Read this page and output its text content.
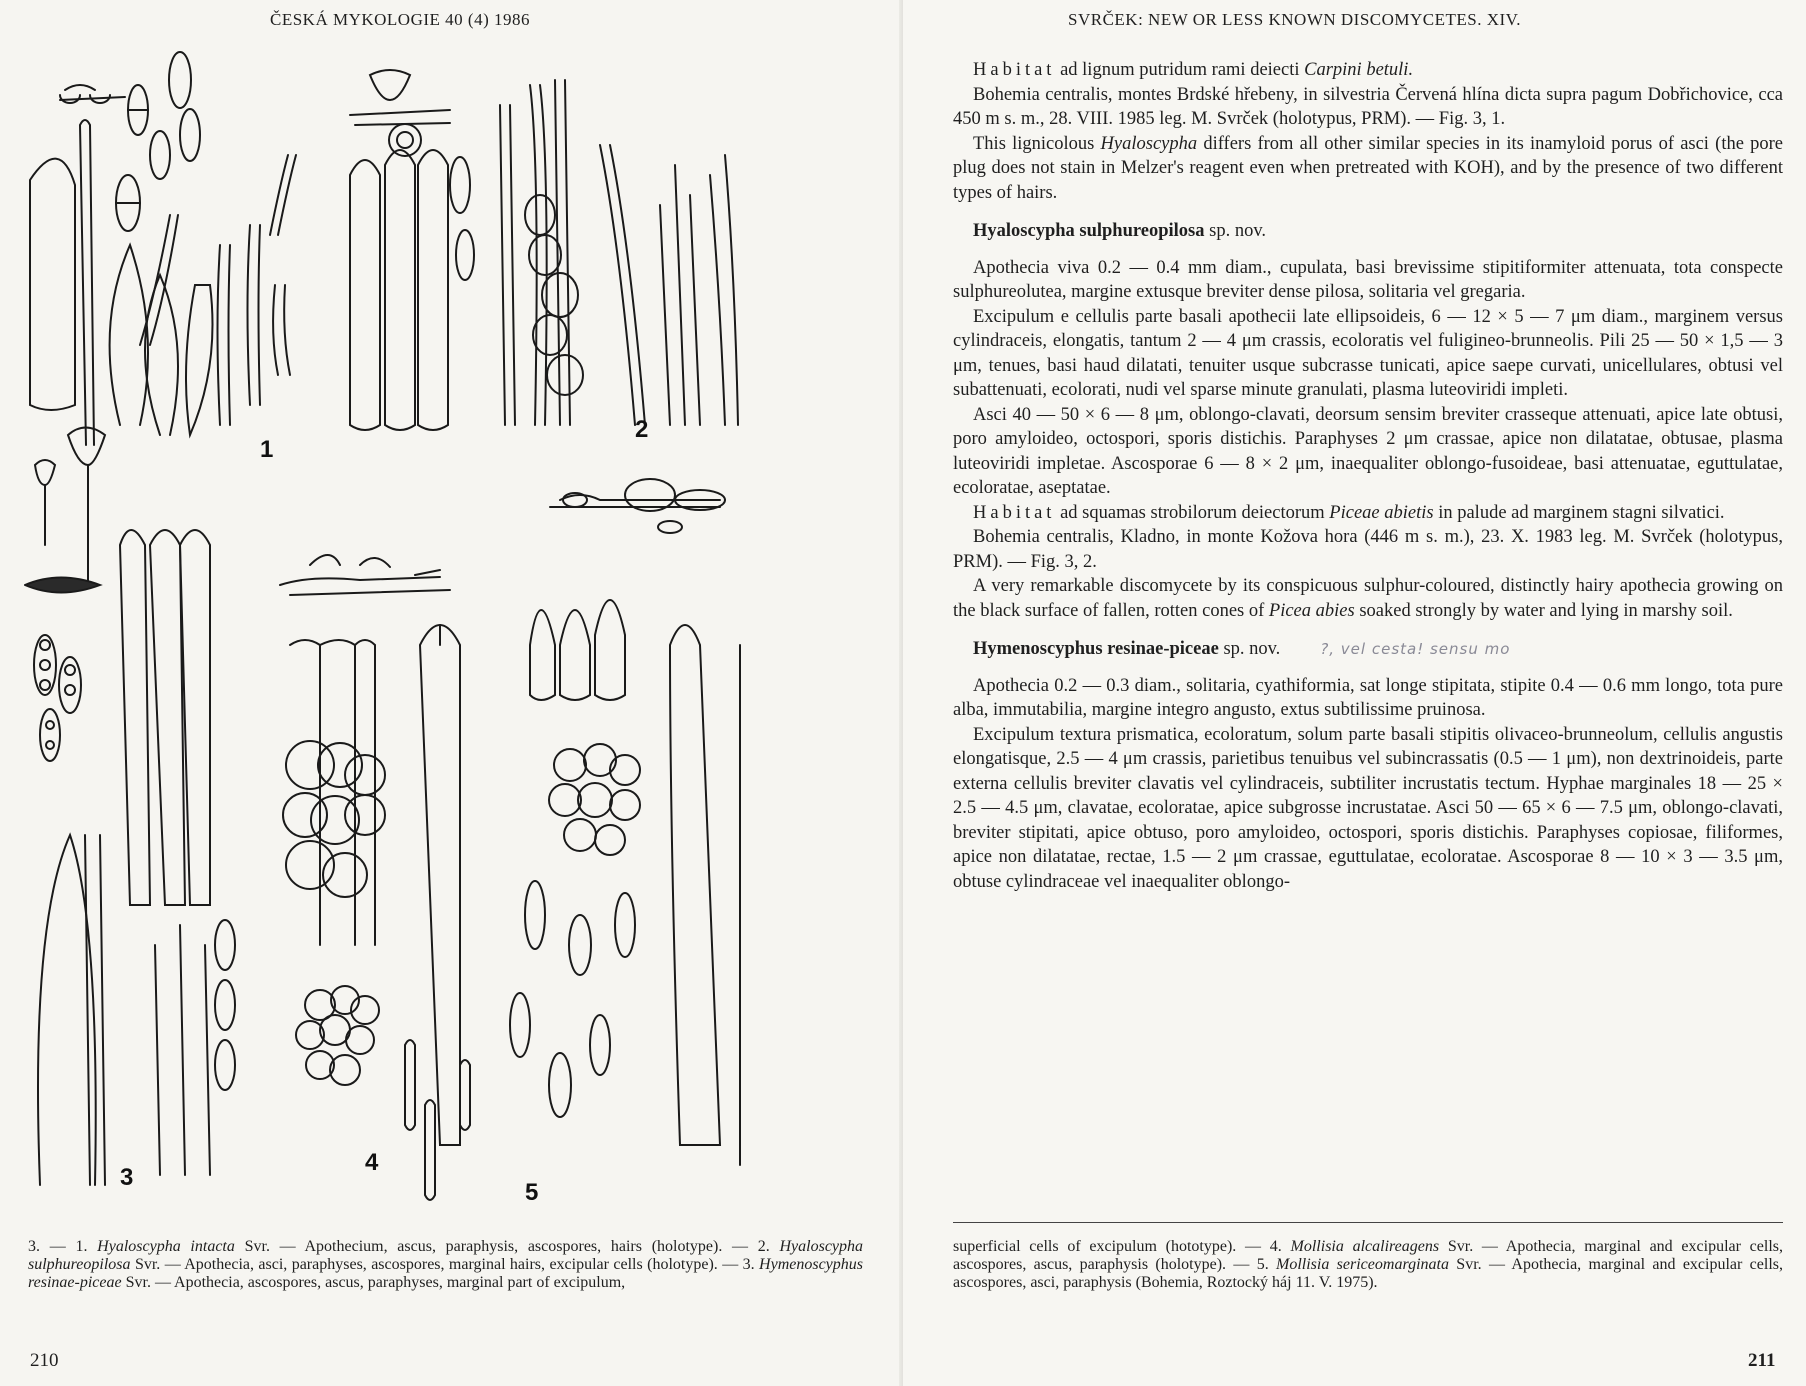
ČESKÁ MYKOLOGIE 40 (4) 1986
1
2
3
4
5
3. — 1. Hyaloscypha intacta Svr. — Apothecium, ascus, paraphysis, ascospores, hairs (holotype). — 2. Hyaloscypha sulphureopilosa Svr. — Apothecia, asci, paraphyses, ascospores, marginal hairs, excipular cells (holotype). — 3. Hymenoscyphus resinae-piceae Svr. — Apothecia, ascospores, ascus, paraphyses, marginal part of excipulum,
210
SVRČEK: NEW OR LESS KNOWN DISCOMYCETES. XIV.

Habitat ad lignum putridum rami deiecti Carpini betuli.

Bohemia centralis, montes Brdské hřebeny, in silvestria Červená hlína dicta supra pagum Dobřichovice, cca 450 m s. m., 28. VIII. 1985 leg. M. Svrček (holotypus, PRM). — Fig. 3, 1.

This lignicolous Hyaloscypha differs from all other similar species in its inamyloid porus of asci (the pore plug does not stain in Melzer's reagent even when pretreated with KOH), and by the presence of two different types of hairs.

Hyaloscypha sulphureopilosa sp. nov.

Apothecia viva 0.2 — 0.4 mm diam., cupulata, basi brevissime stipitiformiter attenuata, tota conspecte sulphureolutea, margine extusque breviter dense pilosa, solitaria vel gregaria.

Excipulum e cellulis parte basali apothecii late ellipsoideis, 6 — 12 × 5 — 7 μm diam., marginem versus cylindraceis, elongatis, tantum 2 — 4 μm crassis, ecoloratis vel fuligineo-brunneolis. Pili 25 — 50 × 1,5 — 3 μm, tenues, basi haud dilatati, tenuiter usque subcrasse tunicati, apice saepe curvati, unicellulares, obtusi vel subattenuati, ecolorati, nudi vel sparse minute granulati, plasma luteoviridi impleti.

Asci 40 — 50 × 6 — 8 μm, oblongo-clavati, deorsum sensim breviter crasseque attenuati, apice late obtusi, poro amyloideo, octospori, sporis distichis. Paraphyses 2 μm crassae, apice non dilatatae, obtusae, plasma luteoviridi impletae. Ascosporae 6 — 8 × 2 μm, inaequaliter oblongo-fusoideae, basi attenuatae, eguttulatae, ecoloratae, aseptatae.

Habitat ad squamas strobilorum deiectorum Piceae abietis in palude ad marginem stagni silvatici.

Bohemia centralis, Kladno, in monte Kožova hora (446 m s. m.), 23. X. 1983 leg. M. Svrček (holotypus, PRM). — Fig. 3, 2.

A very remarkable discomycete by its conspicuous sulphur-coloured, distinctly hairy apothecia growing on the black surface of fallen, rotten cones of Picea abies soaked strongly by water and lying in marshy soil.

Hymenoscyphus resinae-piceae sp. nov.	?, vel cesta! sensu mo

Apothecia 0.2 — 0.3 diam., solitaria, cyathiformia, sat longe stipitata, stipite 0.4 — 0.6 mm longo, tota pure alba, immutabilia, margine integro angusto, extus subtilissime pruinosa.

Excipulum textura prismatica, ecoloratum, solum parte basali stipitis olivaceo-brunneolum, cellulis angustis elongatisque, 2.5 — 4 μm crassis, parietibus tenuibus vel subincrassatis (0.5 — 1 μm), non dextrinoideis, parte externa cellulis breviter clavatis vel cylindraceis, subtiliter incrustatis tectum. Hyphae marginales 18 — 25 × 2.5 — 4.5 μm, clavatae, ecoloratae, apice subgrosse incrustatae. Asci 50 — 65 × 6 — 7.5 μm, oblongo-clavati, breviter stipitati, apice obtuso, poro amyloideo, octospori, sporis distichis. Paraphyses copiosae, filiformes, apice non dilatatae, rectae, 1.5 — 2 μm crassae, eguttulatae, ecoloratae. Ascosporae 8 — 10 × 3 — 3.5 μm, obtuse cylindraceae vel inaequaliter oblongo-

superficial cells of excipulum (hototype). — 4. Mollisia alcalireagens Svr. — Apothecia, marginal and excipular cells, ascospores, ascus, paraphysis (holotype). — 5. Mollisia sericeomarginata Svr. — Apothecia, marginal and excipular cells, ascospores, asci, paraphysis (Bohemia, Roztocký háj 11. V. 1975).
211
